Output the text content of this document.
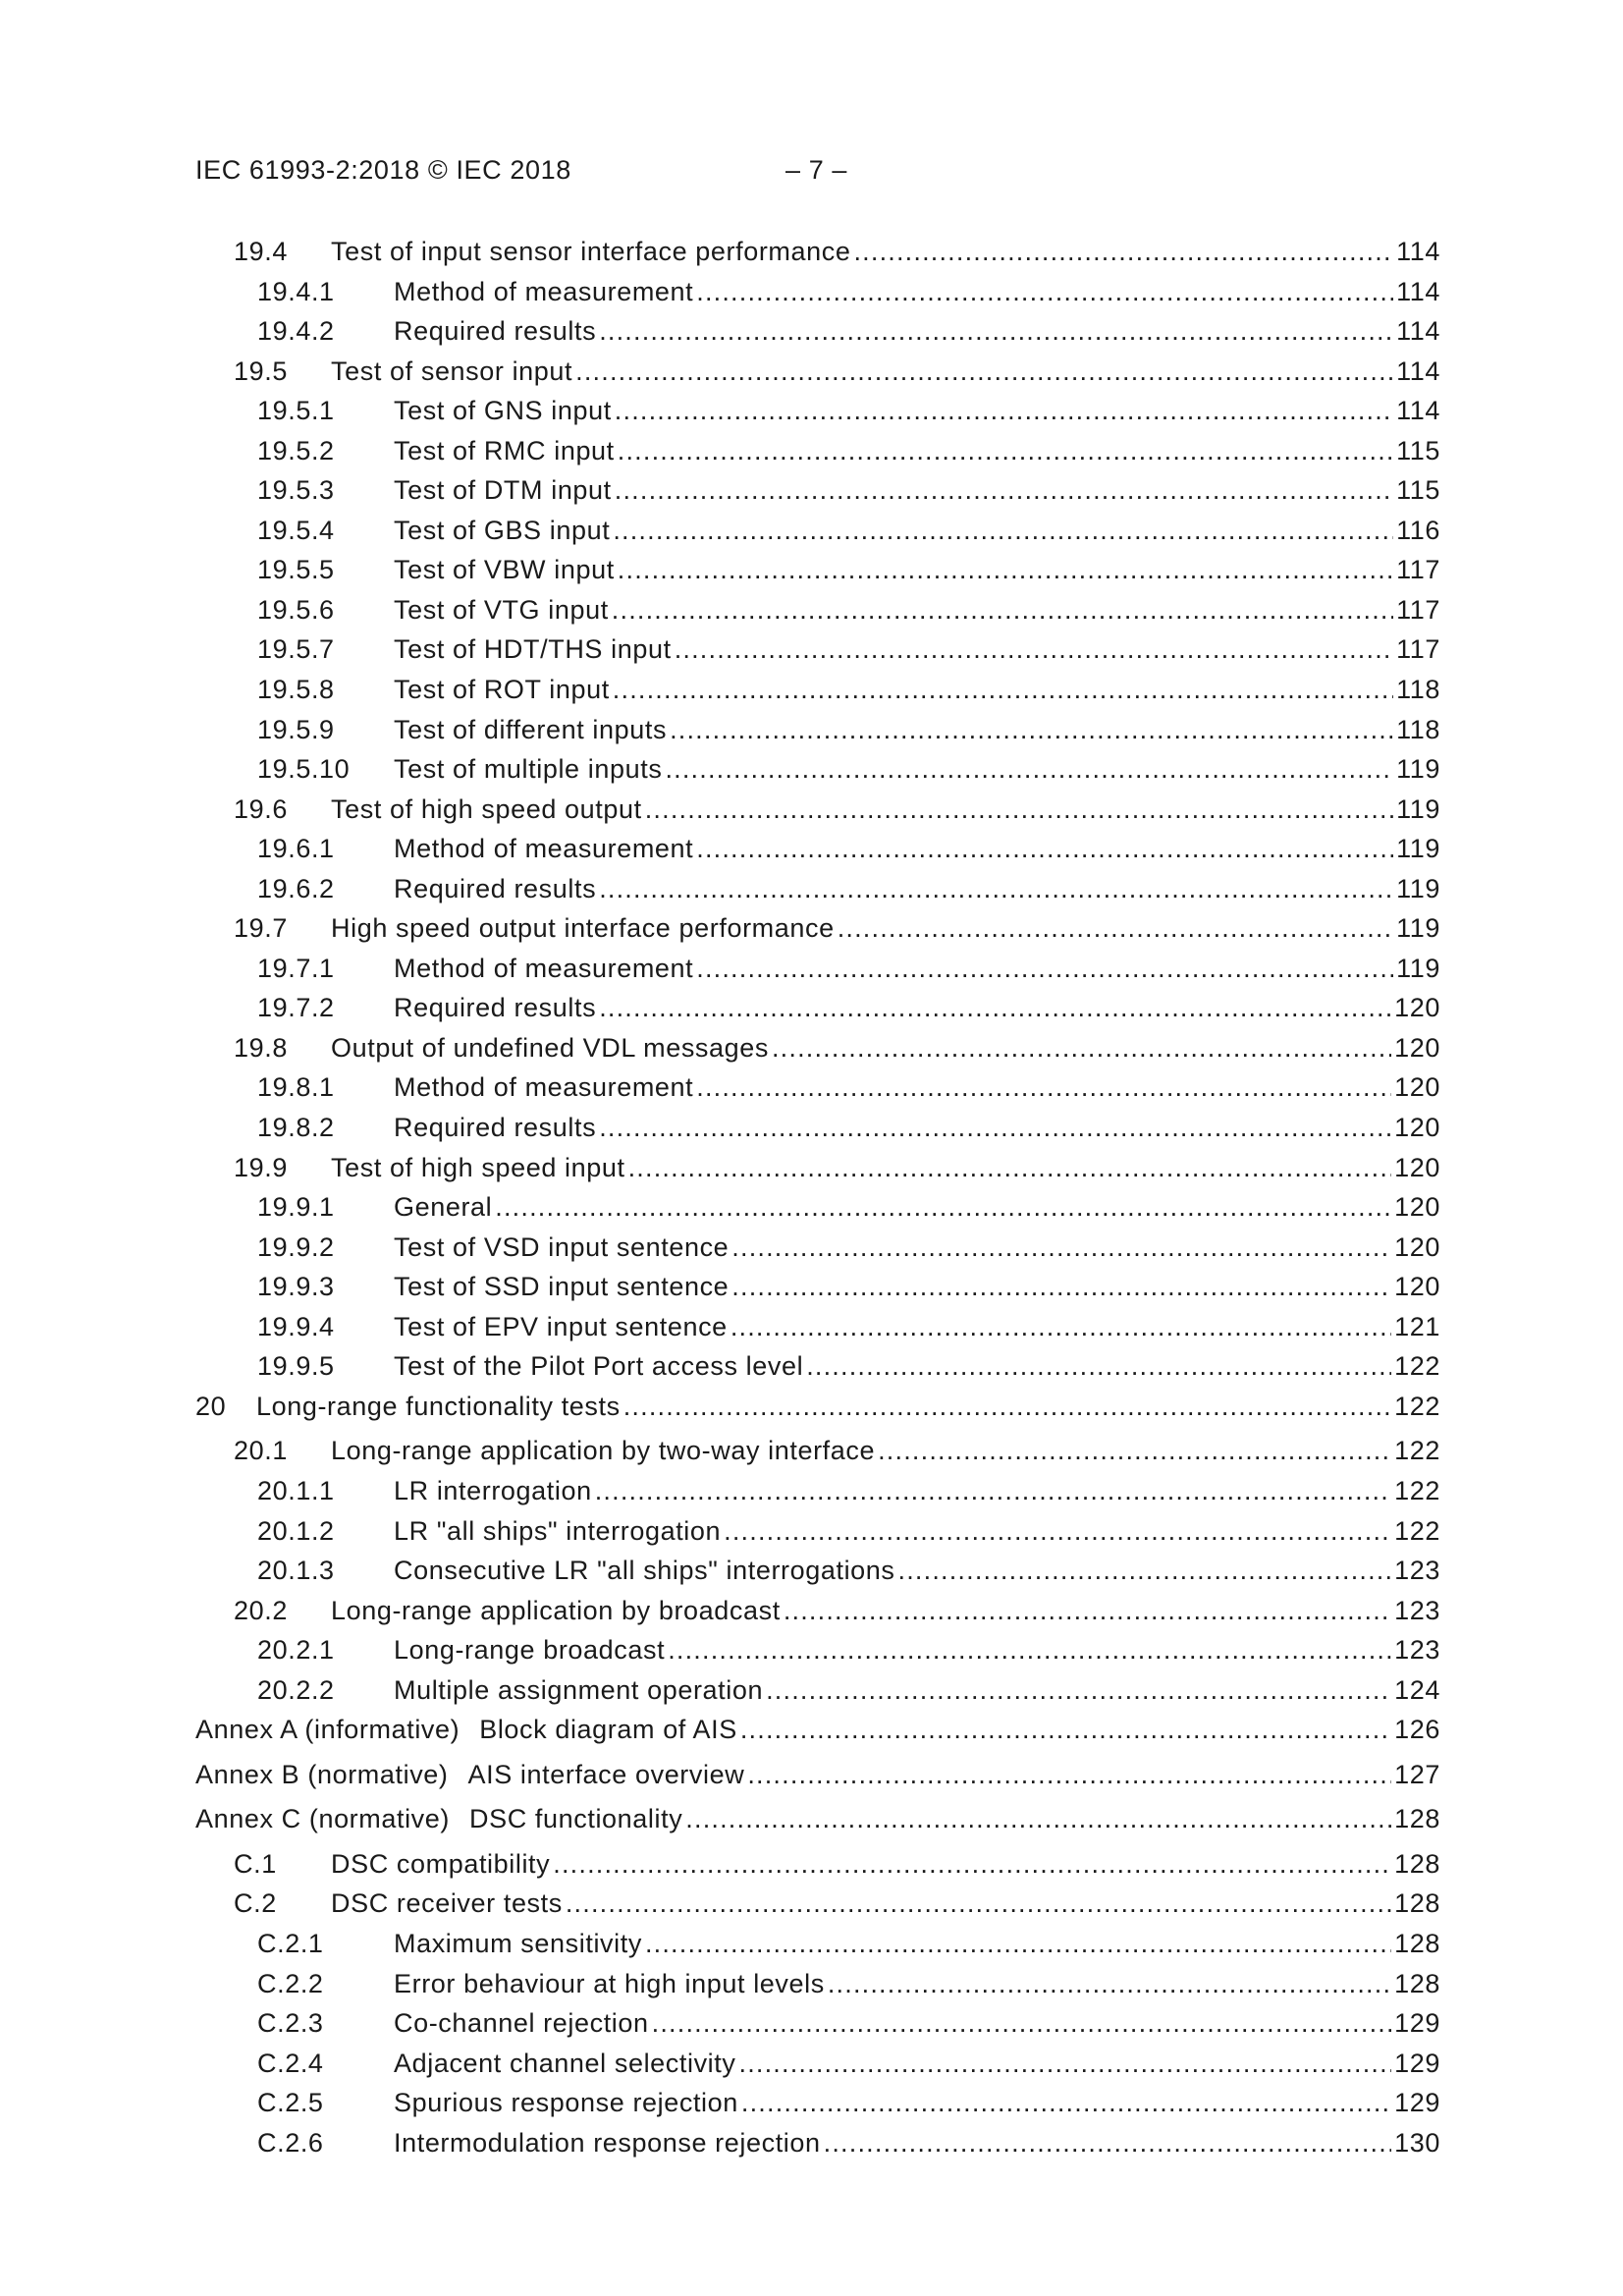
IEC 61993-2:2018 © IEC 2018	– 7 –
19.4	Test of input sensor interface performance .....	114
19.4.1	Method of measurement .....	114
19.4.2	Required results .....	114
19.5	Test of sensor input .....	114
19.5.1	Test of GNS input .....	114
19.5.2	Test of RMC input .....	115
19.5.3	Test of DTM input .....	115
19.5.4	Test of GBS input .....	116
19.5.5	Test of VBW input .....	117
19.5.6	Test of VTG input .....	117
19.5.7	Test of HDT/THS input .....	117
19.5.8	Test of ROT input .....	118
19.5.9	Test of different inputs .....	118
19.5.10	Test of multiple inputs .....	119
19.6	Test of high speed output .....	119
19.6.1	Method of measurement .....	119
19.6.2	Required results .....	119
19.7	High speed output interface performance .....	119
19.7.1	Method of measurement .....	119
19.7.2	Required results .....	120
19.8	Output of undefined VDL messages .....	120
19.8.1	Method of measurement .....	120
19.8.2	Required results .....	120
19.9	Test of high speed input .....	120
19.9.1	General .....	120
19.9.2	Test of VSD input sentence .....	120
19.9.3	Test of SSD input sentence .....	120
19.9.4	Test of EPV input sentence .....	121
19.9.5	Test of the Pilot Port access level .....	122
20	Long-range functionality tests .....	122
20.1	Long-range application by two-way interface .....	122
20.1.1	LR interrogation .....	122
20.1.2	LR "all ships" interrogation .....	122
20.1.3	Consecutive LR "all ships" interrogations .....	123
20.2	Long-range application by broadcast .....	123
20.2.1	Long-range broadcast .....	123
20.2.2	Multiple assignment operation .....	124
Annex A (informative) Block diagram of AIS .....	126
Annex B (normative) AIS interface overview .....	127
Annex C (normative) DSC functionality .....	128
C.1	DSC compatibility .....	128
C.2	DSC receiver tests .....	128
C.2.1	Maximum sensitivity .....	128
C.2.2	Error behaviour at high input levels .....	128
C.2.3	Co-channel rejection .....	129
C.2.4	Adjacent channel selectivity .....	129
C.2.5	Spurious response rejection .....	129
C.2.6	Intermodulation response rejection .....	130
